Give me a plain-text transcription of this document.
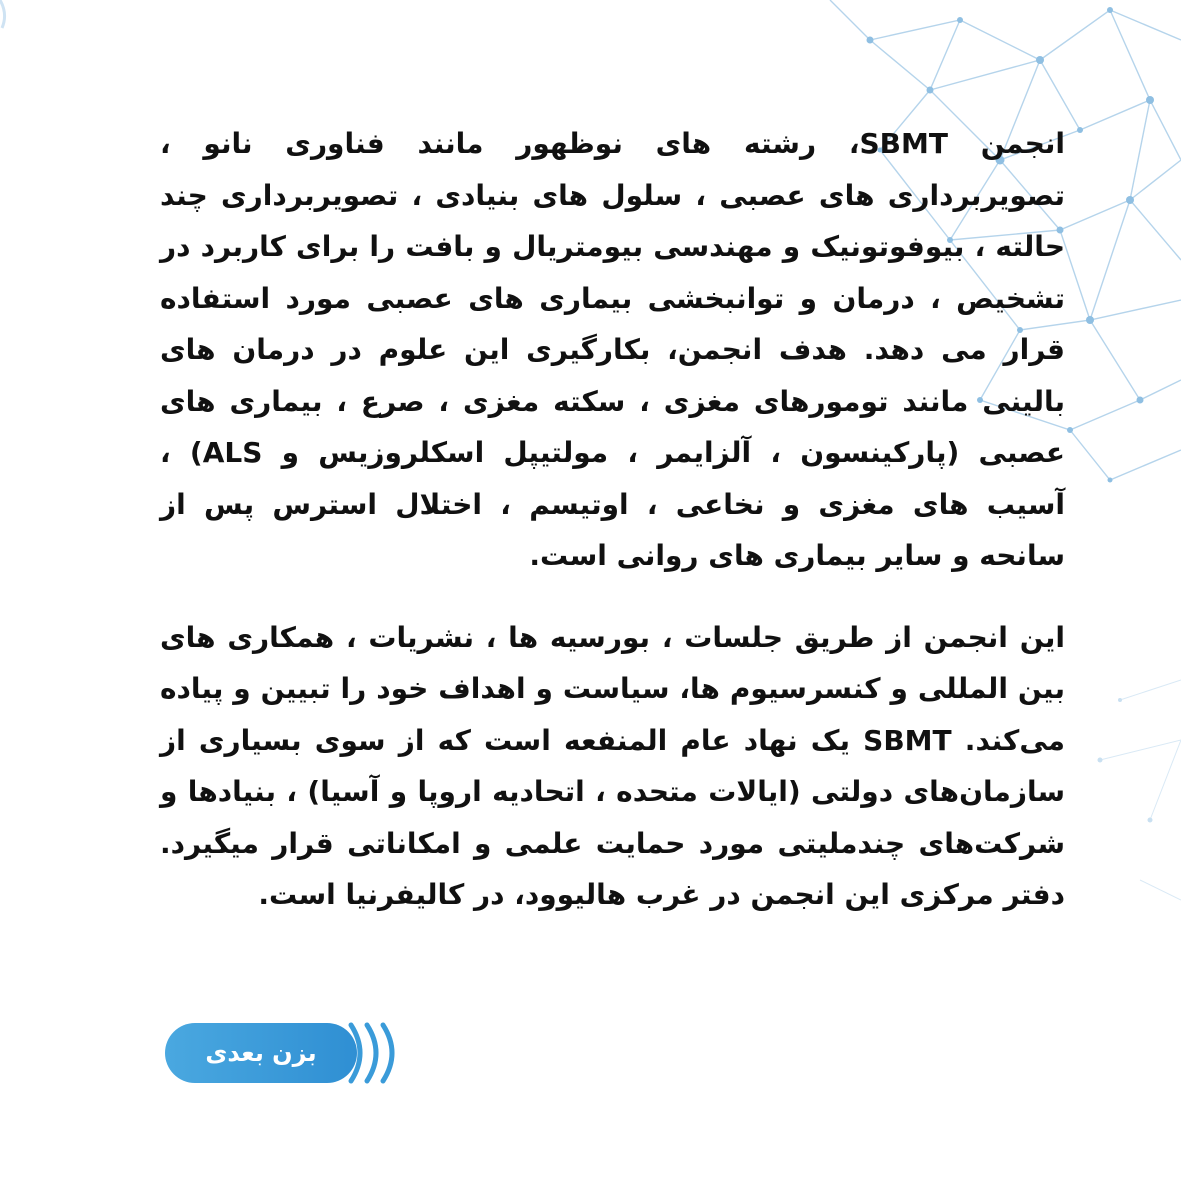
انجمن SBMT، رشته های نوظهور مانند فناوری نانو ، تصویربرداری های عصبی ، سلول های بنیادی ، تصویربرداری چند حالته ، بیوفوتونیک و مهندسی بیومتریال و بافت را برای کاربرد در تشخیص ، درمان و توانبخشی بیماری های عصبی مورد استفاده قرار می دهد. هدف انجمن، بکارگیری این علوم در درمان های بالینی مانند تومورهای مغزی ، سکته مغزی ، صرع ، بیماری های عصبی (پارکینسون ، آلزایمر ، مولتیپل اسکلروزیس و ALS) ، آسیب های مغزی و نخاعی ، اوتیسم ، اختلال استرس پس از سانحه و سایر بیماری های روانی است.

این انجمن از طریق جلسات ، بورسیه ها ، نشریات ، همکاری های بین المللی و کنسرسیوم ها، سیاست و اهداف خود را تبیین و پیاده می‌کند. SBMT یک نهاد عام المنفعه است که از سوی بسیاری از سازمان‌های دولتی (ایالات متحده ، اتحادیه اروپا و آسیا) ، بنیادها و شرکت‌های چندملیتی مورد حمایت علمی و امکاناتی قرار میگیرد. دفتر مرکزی این انجمن در غرب هالیوود، در کالیفرنیا است.

بزن بعدی
